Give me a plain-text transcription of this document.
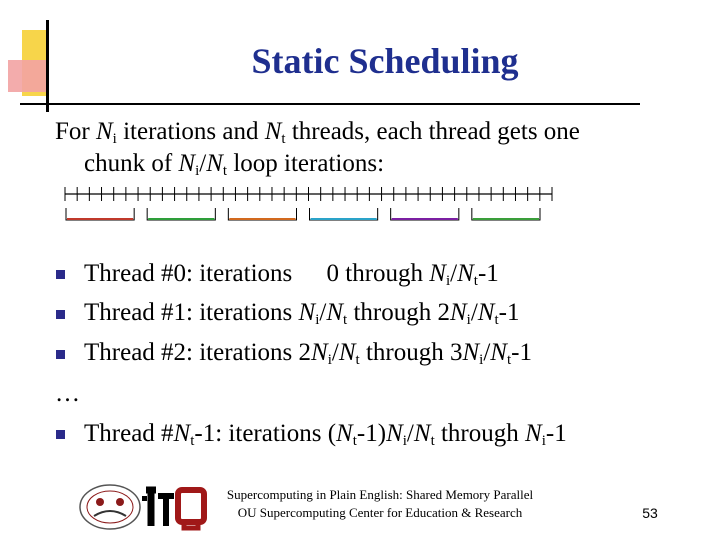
Static Scheduling
For $N_i$ iterations and $N_t$ threads, each thread gets one
chunk of $N_i/N_t$ loop iterations:
Thread #0: iterations 0 through $N_i/N_t-1$
Thread #1: iterations $N_i/N_t$ through $2N_i/N_t-1$
Thread #2: iterations $2N_i/N_t$ through $3N_i/N_t-1$
…
Thread $\#N_t-1$: iterations $(N_t-1)N_i/N_t$ through $N_i-1$
Supercomputing in Plain English: Shared Memory Parallel
OU Supercomputing Center for Education & Research	53
